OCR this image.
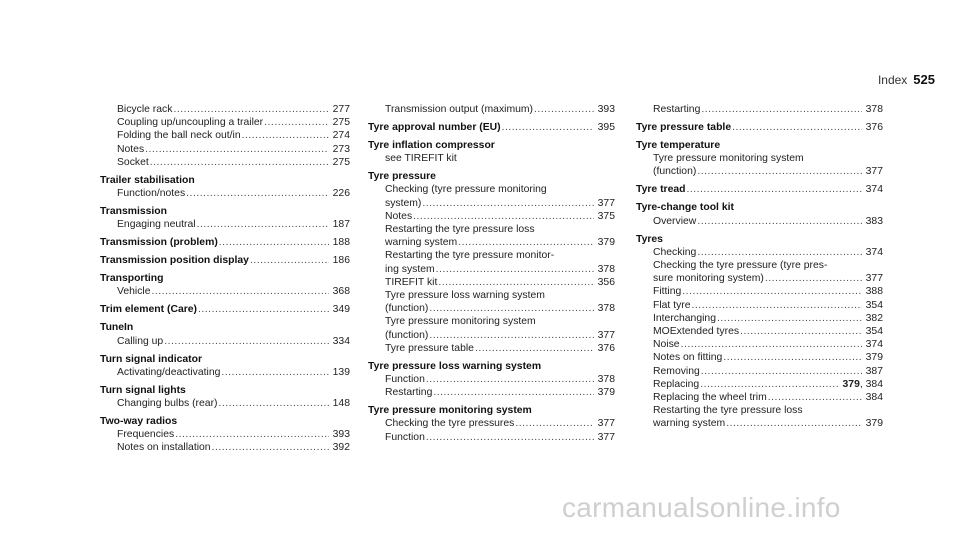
Index 525
Bicycle rack .....	277
Coupling up/uncoupling a trailer .....	275
Folding the ball neck out/in .....	274
Notes .....	273
Socket .....	275
Trailer stabilisation
Function/notes .....	226
Transmission
Engaging neutral .....	187
Transmission (problem) .....	188
Transmission position display .....	186
Transporting
Vehicle .....	368
Trim element (Care) .....	349
TuneIn
Calling up .....	334
Turn signal indicator
Activating/deactivating .....	139
Turn signal lights
Changing bulbs (rear) .....	148
Two-way radios
Frequencies .....	393
Notes on installation .....	392
Transmission output (maximum) .....	393
Tyre approval number (EU) .....	395
Tyre inflation compressor
see TIREFIT kit
Tyre pressure
Checking (tyre pressure monitoring
system) .....	377
Notes .....	375
Restarting the tyre pressure loss
warning system .....	379
Restarting the tyre pressure monitor-
ing system .....	378
TIREFIT kit .....	356
Tyre pressure loss warning system
(function) .....	378
Tyre pressure monitoring system
(function) .....	377
Tyre pressure table .....	376
Tyre pressure loss warning system
Function .....	378
Restarting .....	379
Tyre pressure monitoring system
Checking the tyre pressures .....	377
Function .....	377
Restarting .....	378
Tyre pressure table .....	376
Tyre temperature
Tyre pressure monitoring system
(function) .....	377
Tyre tread .....	374
Tyre-change tool kit
Overview .....	383
Tyres
Checking .....	374
Checking the tyre pressure (tyre pres-
sure monitoring system) .....	377
Fitting .....	388
Flat tyre .....	354
Interchanging .....	382
MOExtended tyres .....	354
Noise .....	374
Notes on fitting .....	379
Removing .....	387
Replacing .....	379, 384
Replacing the wheel trim .....	384
Restarting the tyre pressure loss
warning system .....	379
carmanualsonline.info
